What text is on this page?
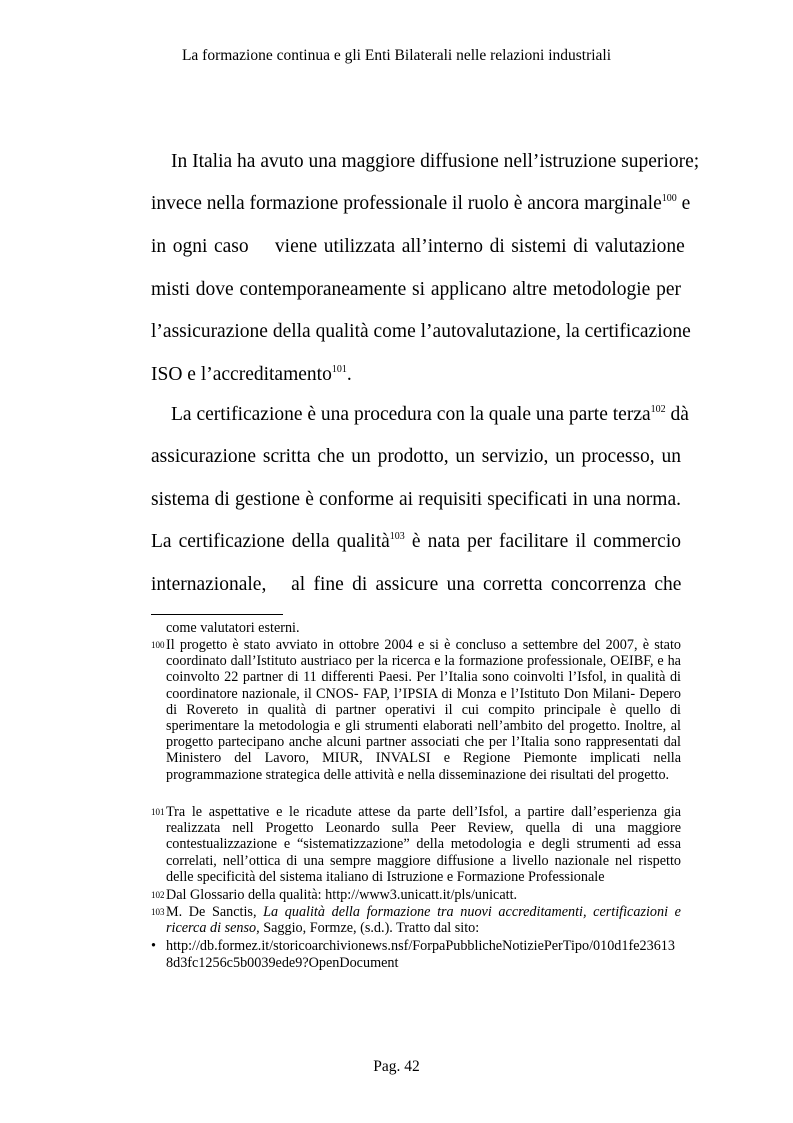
La formazione continua e gli Enti Bilaterali nelle relazioni industriali
In Italia ha avuto una maggiore diffusione nell’istruzione superiore;
invece nella formazione professionale il ruolo è ancora marginale$^{100}$ e
in ogni caso    viene utilizzata all’interno di sistemi di valutazione
misti dove contemporaneamente si applicano altre metodologie per
l’assicurazione della qualità come l’autovalutazione, la certificazione
ISO e l’accreditamento$^{101}$.
La certificazione è una procedura con la quale una parte terza$^{102}$ dà
assicurazione scritta che un prodotto, un servizio, un processo, un
sistema di gestione è conforme ai requisiti specificati in una norma.
La certificazione della qualità$^{103}$ è nata per facilitare il commercio
internazionale,   al fine di assicure una corretta concorrenza che
come valutatori esterni.
100 Il progetto è stato avviato in ottobre 2004 e si è concluso a settembre del 2007, è stato coordinato dall’Istituto austriaco per la ricerca e la formazione professionale, OEIBF, e ha coinvolto 22 partner di 11 differenti Paesi. Per l’Italia sono coinvolti l’Isfol, in qualità di coordinatore nazionale, il CNOS- FAP, l’IPSIA di Monza e l’Istituto Don Milani- Depero di Rovereto in qualità di partner operativi il cui compito principale è quello di sperimentare la metodologia e gli strumenti elaborati nell’ambito del progetto. Inoltre, al progetto partecipano anche alcuni partner associati che per l’Italia sono rappresentati dal Ministero del Lavoro, MIUR, INVALSI e Regione Piemonte implicati nella programmazione strategica delle attività e nella disseminazione dei risultati del progetto.
101 Tra le aspettative e le ricadute attese da parte dell’Isfol, a partire dall’esperienza gia realizzata nell Progetto Leonardo sulla Peer Review, quella di una maggiore contestualizzazione e “sistematizzazione” della metodologia e degli strumenti ad essa correlati, nell’ottica di una sempre maggiore diffusione a livello nazionale nel rispetto delle specificità del sistema italiano di Istruzione e Formazione Professionale
102 Dal Glossario della qualità: http://www3.unicatt.it/pls/unicatt.
103 M. De Sanctis, La qualità della formazione tra nuovi accreditamenti, certificazioni e ricerca di senso, Saggio, Formze, (s.d.). Tratto dal sito:
• http://db.formez.it/storicoarchivionews.nsf/ForpaPubblicheNotiziePerTipo/010d1fe236138d3fc1256c5b0039ede9?OpenDocument
Pag. 42
